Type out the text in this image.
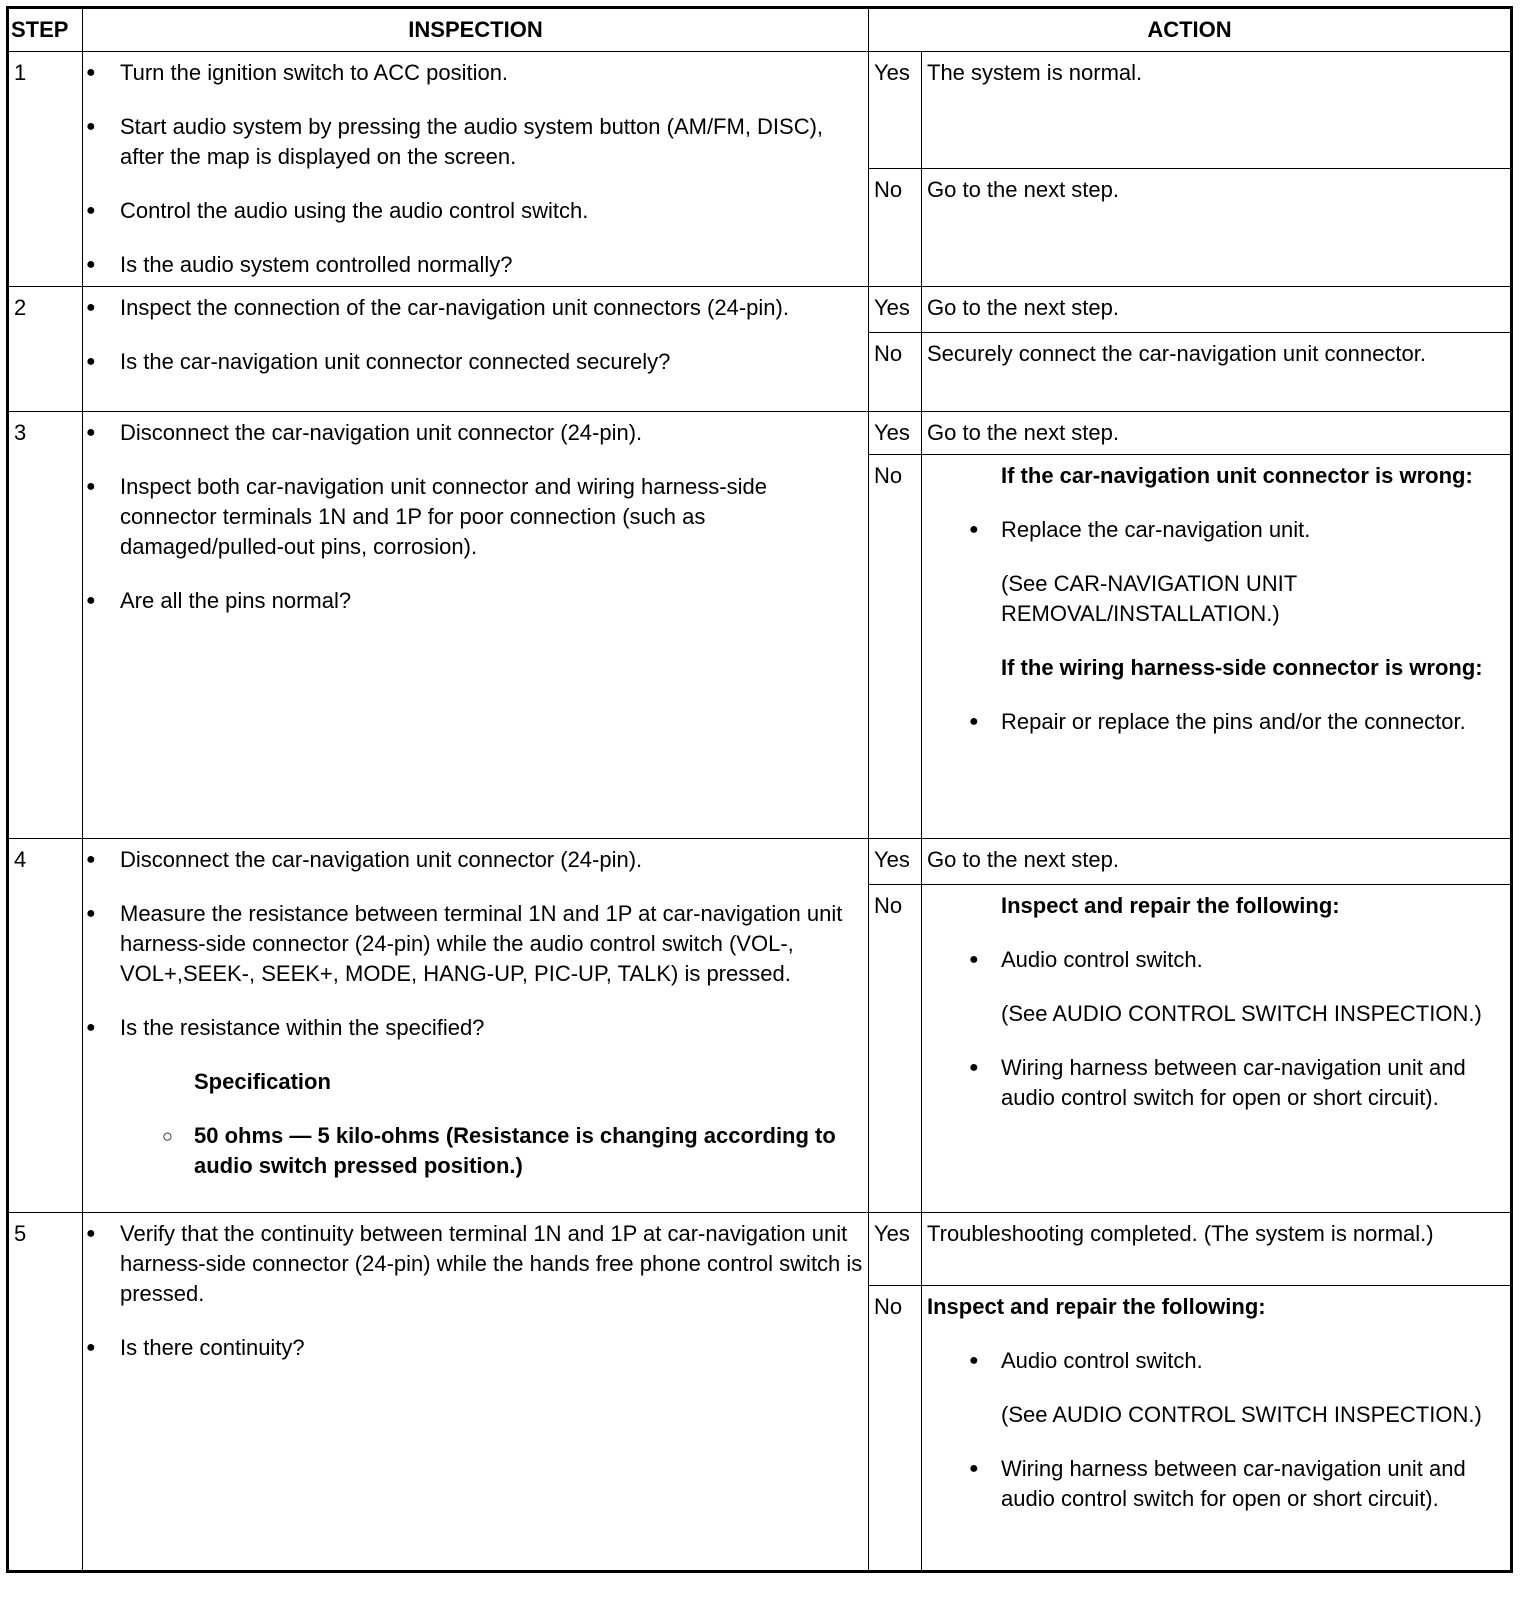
STEP	INSPECTION	ACTION	
1	● Turn the ignition switch to ACC position.
● Start audio system by pressing the audio system button (AM/FM, DISC), after the map is displayed on the screen.
● Control the audio using the audio control switch.
● Is the audio system controlled normally?	Yes	The system is normal.
		No	Go to the next step.
2	● Inspect the connection of the car-navigation unit connectors (24-pin).
● Is the car-navigation unit connector connected securely?	Yes	Go to the next step.
		No	Securely connect the car-navigation unit connector.
3	● Disconnect the car-navigation unit connector (24-pin).
● Inspect both car-navigation unit connector and wiring harness-side connector terminals 1N and 1P for poor connection (such as damaged/pulled-out pins, corrosion).
● Are all the pins normal?	Yes	Go to the next step.
		No	If the car-navigation unit connector is wrong:
● Replace the car-navigation unit.
(See CAR-NAVIGATION UNIT REMOVAL/INSTALLATION.)
If the wiring harness-side connector is wrong:
● Repair or replace the pins and/or the connector.

4	● Disconnect the car-navigation unit connector (24-pin).
● Measure the resistance between terminal 1N and 1P at car-navigation unit harness-side connector (24-pin) while the audio control switch (VOL-, VOL+,SEEK-, SEEK+, MODE, HANG-UP, PIC-UP, TALK) is pressed.
● Is the resistance within the specified?
Specification
○ 50 ohms — 5 kilo-ohms (Resistance is changing according to audio switch pressed position.)	Yes	Go to the next step.
		No	Inspect and repair the following:
● Audio control switch.
(See AUDIO CONTROL SWITCH INSPECTION.)
● Wiring harness between car-navigation unit and audio control switch for open or short circuit).

5	● Verify that the continuity between terminal 1N and 1P at car-navigation unit harness-side connector (24-pin) while the hands free phone control switch is pressed.
● Is there continuity?	Yes	Troubleshooting completed. (The system is normal.)
		No	Inspect and repair the following:
● Audio control switch.
(See AUDIO CONTROL SWITCH INSPECTION.)
● Wiring harness between car-navigation unit and audio control switch for open or short circuit).
